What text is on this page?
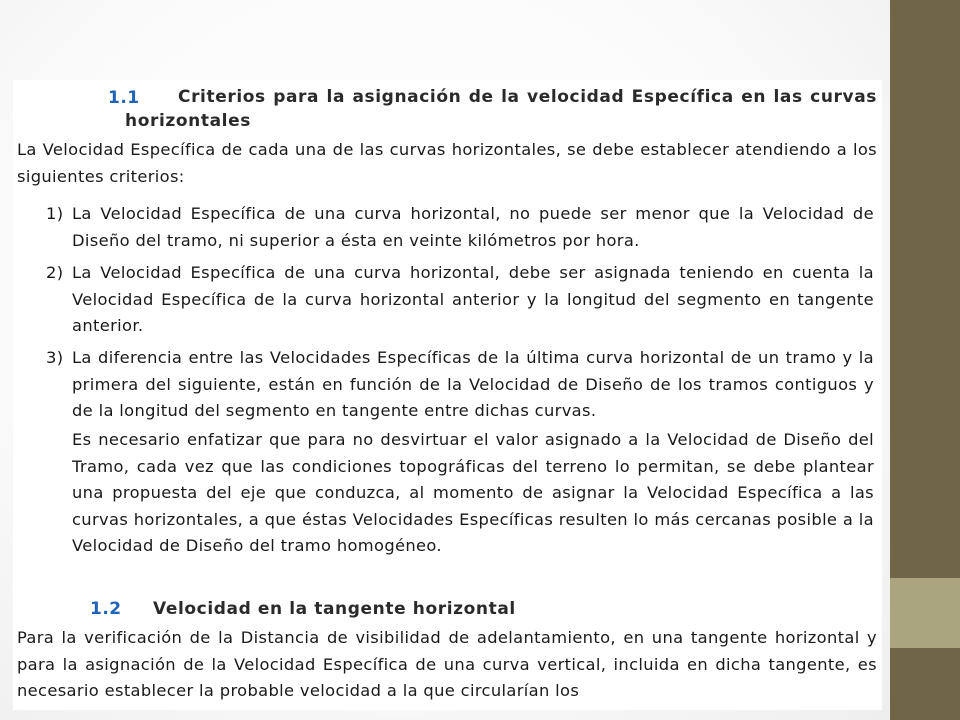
1.1	Criterios para la asignación de la velocidad Específica en las curvas horizontales
La Velocidad Específica de cada una de las curvas horizontales, se debe establecer atendiendo a los siguientes criterios:
1) La Velocidad Específica de una curva horizontal, no puede ser menor que la Velocidad de Diseño del tramo, ni superior a ésta en veinte kilómetros por hora.
2) La Velocidad Específica de una curva horizontal, debe ser asignada teniendo en cuenta la Velocidad Específica de la curva horizontal anterior y la longitud del segmento en tangente anterior.
3) La diferencia entre las Velocidades Específicas de la última curva horizontal de un tramo y la primera del siguiente, están en función de la Velocidad de Diseño de los tramos contiguos y de la longitud del segmento en tangente entre dichas curvas.
Es necesario enfatizar que para no desvirtuar el valor asignado a la Velocidad de Diseño del Tramo, cada vez que las condiciones topográficas del terreno lo permitan, se debe plantear una propuesta del eje que conduzca, al momento de asignar la Velocidad Específica a las curvas horizontales, a que éstas Velocidades Específicas resulten lo más cercanas posible a la Velocidad de Diseño del tramo homogéneo.
1.2 Velocidad en la tangente horizontal
Para la verificación de la Distancia de visibilidad de adelantamiento, en una tangente horizontal y para la asignación de la Velocidad Específica de una curva vertical, incluida en dicha tangente, es necesario establecer la probable velocidad a la que circularían los
